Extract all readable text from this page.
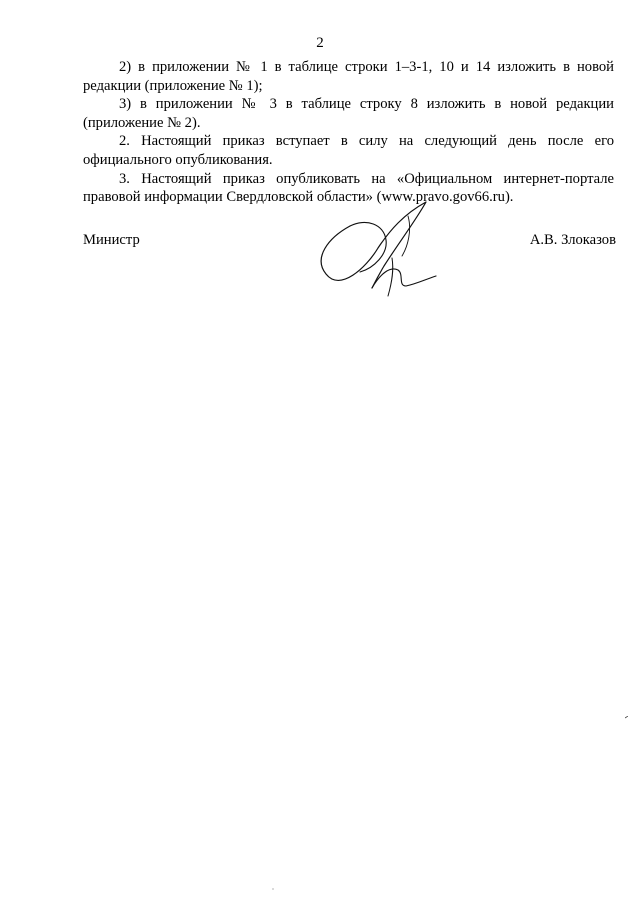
2

2) в приложении № 1 в таблице строки 1–3-1, 10 и 14 изложить в новой редакции (приложение № 1);

3) в приложении № 3 в таблице строку 8 изложить в новой редакции (приложение № 2).

2. Настоящий приказ вступает в силу на следующий день после его официального опубликования.

3. Настоящий приказ опубликовать на «Официальном интернет-портале правовой информации Свердловской области» (www.pravo.gov66.ru).

Министр	А.В. Злоказов
